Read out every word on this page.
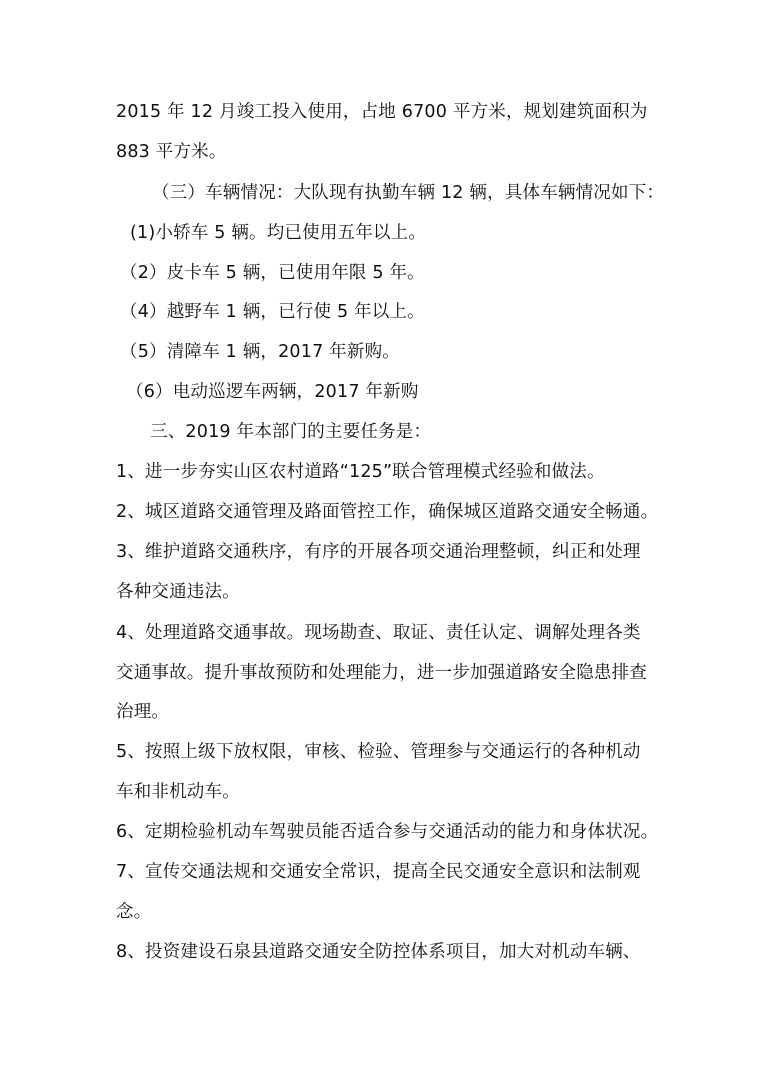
2015 年 12 月竣工投入使用，占地 6700 平方米，规划建筑面积为
883 平方米。
（三）车辆情况：大队现有执勤车辆 12 辆，具体车辆情况如下：
(1)小轿车 5 辆。均已使用五年以上。
（2）皮卡车 5 辆，已使用年限 5 年。
（4）越野车 1 辆，已行使 5 年以上。
（5）清障车 1 辆，2017 年新购。
（6）电动巡逻车两辆，2017 年新购
三、2019 年本部门的主要任务是：
1、进一步夯实山区农村道路“125”联合管理模式经验和做法。
2、城区道路交通管理及路面管控工作，确保城区道路交通安全畅通。
3、维护道路交通秩序，有序的开展各项交通治理整顿，纠正和处理
各种交通违法。
4、处理道路交通事故。现场勘查、取证、责任认定、调解处理各类
交通事故。提升事故预防和处理能力，进一步加强道路安全隐患排查
治理。
5、按照上级下放权限，审核、检验、管理参与交通运行的各种机动
车和非机动车。
6、定期检验机动车驾驶员能否适合参与交通活动的能力和身体状况。
7、宣传交通法规和交通安全常识，提高全民交通安全意识和法制观
念。
8、投资建设石泉县道路交通安全防控体系项目，加大对机动车辆、
